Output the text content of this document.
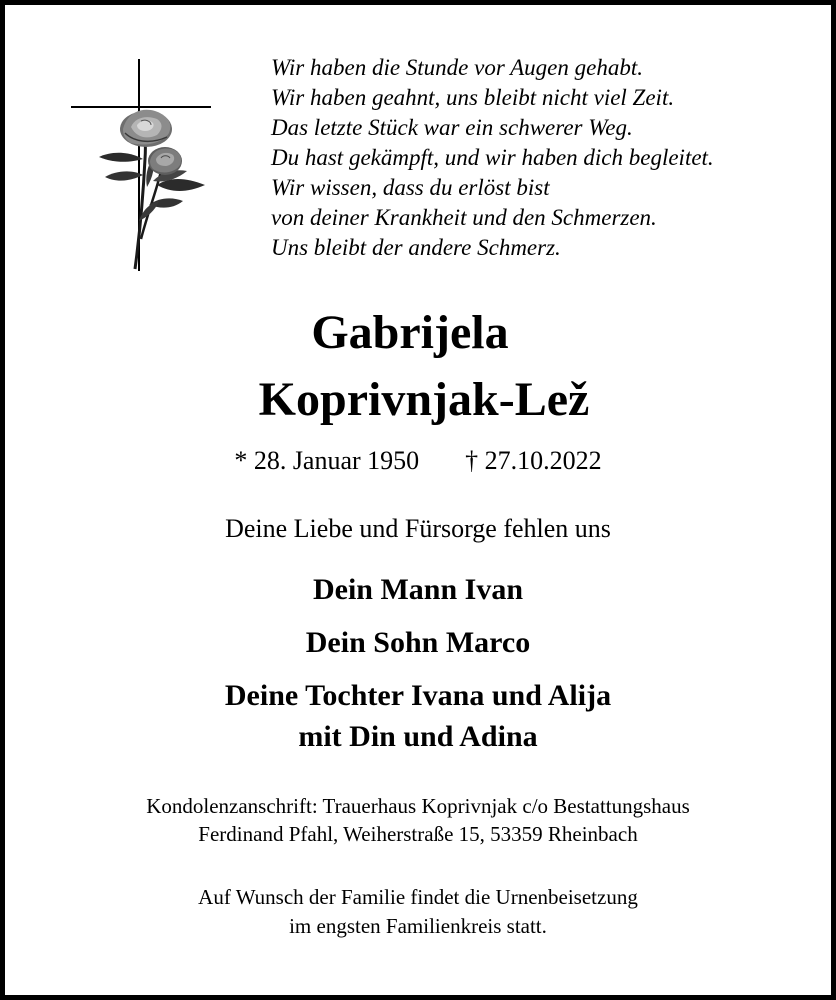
Wir haben die Stunde vor Augen gehabt.
Wir haben geahnt, uns bleibt nicht viel Zeit.
Das letzte Stück war ein schwerer Weg.
Du hast gekämpft, und wir haben dich begleitet.
Wir wissen, dass du erlöst bist
von deiner Krankheit und den Schmerzen.
Uns bleibt der andere Schmerz.
Gabrijela
Koprivnjak-Lež
* 28. Januar 1950 † 27.10.2022
Deine Liebe und Fürsorge fehlen uns
Dein Mann Ivan
Dein Sohn Marco
Deine Tochter Ivana und Alija
mit Din und Adina
Kondolenzanschrift: Trauerhaus Koprivnjak c/o Bestattungshaus
Ferdinand Pfahl, Weiherstraße 15, 53359 Rheinbach
Auf Wunsch der Familie findet die Urnenbeisetzung
im engsten Familienkreis statt.
